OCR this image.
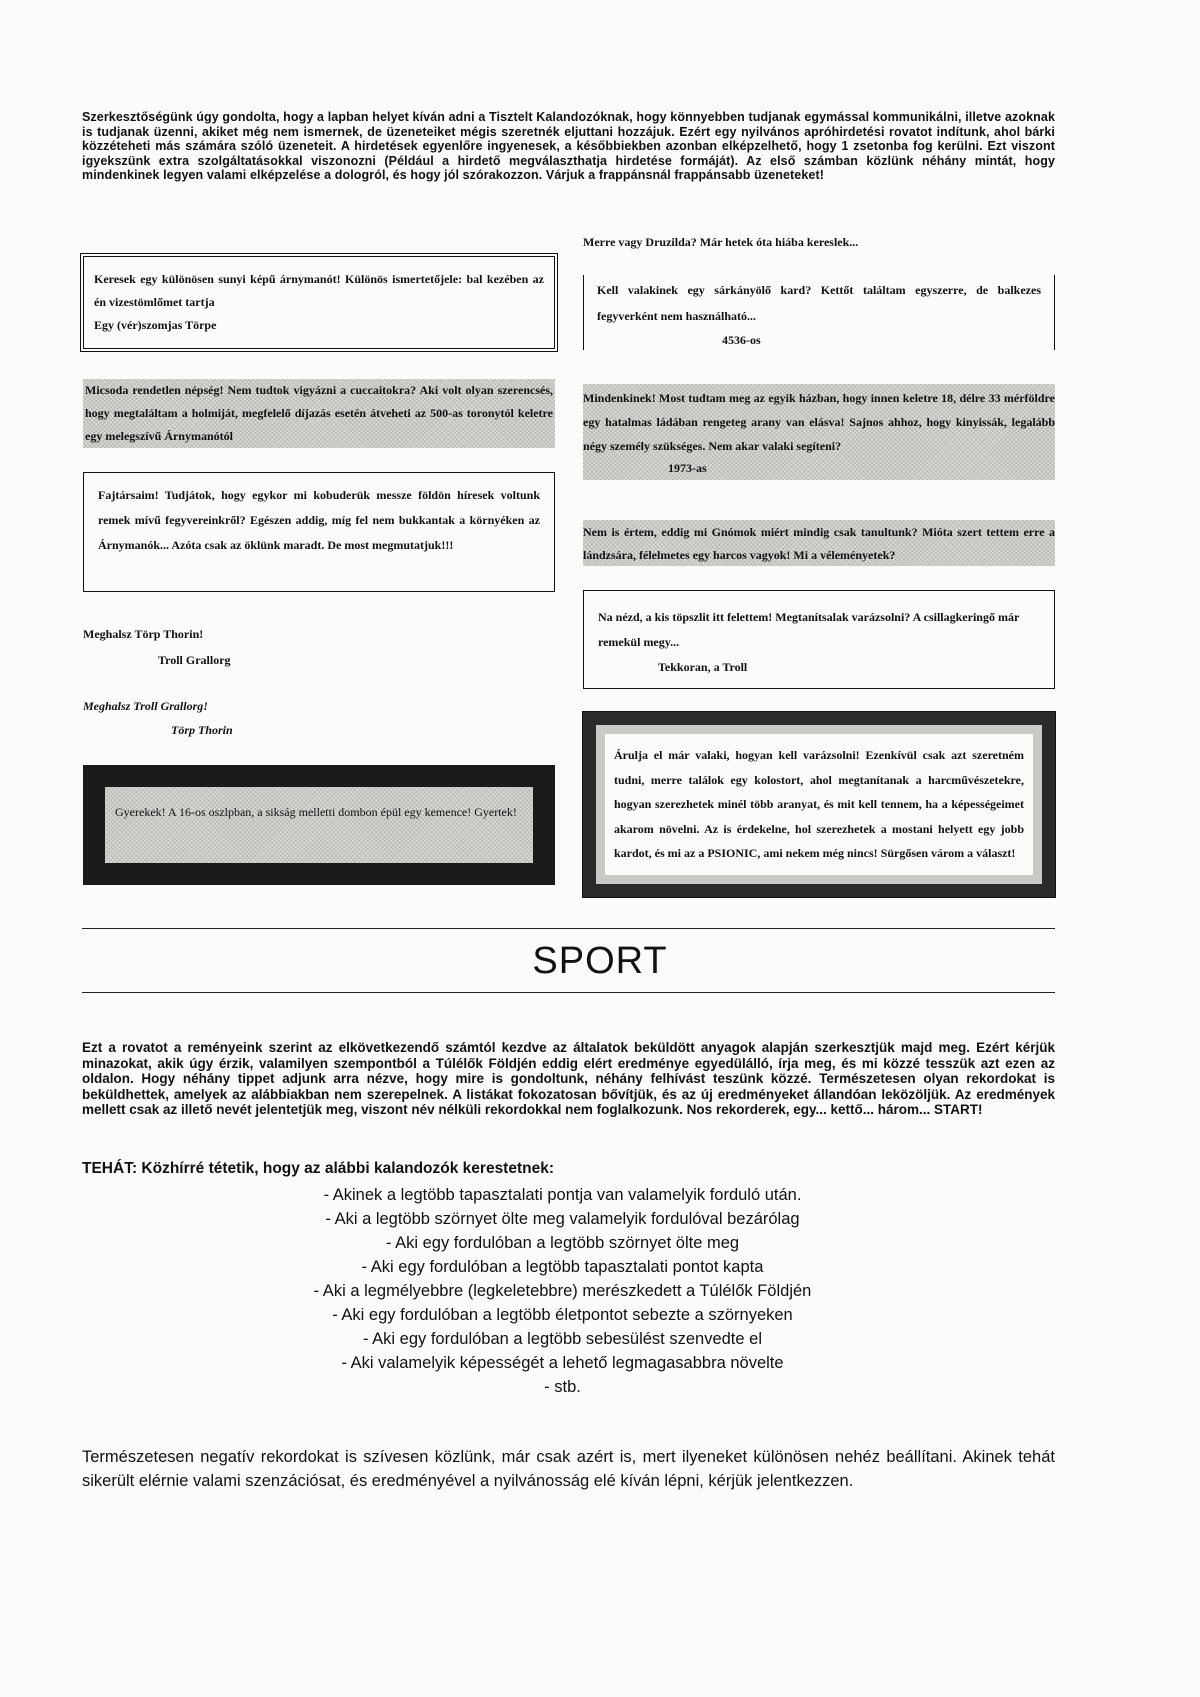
Szerkesztőségünk úgy gondolta, hogy a lapban helyet kíván adni a Tisztelt Kalandozóknak, hogy könnyebben tudjanak egymással kommunikálni, illetve azoknak is tudjanak üzenni, akiket még nem ismernek, de üzeneteiket mégis szeretnék eljuttani hozzájuk. Ezért egy nyilvános apróhirdetési rovatot indítunk, ahol bárki közzéteheti más számára szóló üzeneteit. A hirdetések egyenlőre ingyenesek, a későbbiekben azonban elképzelhető, hogy 1 zsetonba fog kerülni. Ezt viszont igyekszünk extra szolgáltatásokkal viszonozni (Például a hirdető megválaszthatja hirdetése formáját). Az első számban közlünk néhány mintát, hogy mindenkinek legyen valami elképzelése a dologról, és hogy jól szórakozzon. Várjuk a frappánsnál frappánsabb üzeneteket!

Keresek egy különösen sunyi képű árnymanót! Különös ismertetőjele: bal kezében az én vizestömlőmet tartja
Egy (vér)szomjas Törpe
Merre vagy Druzilda? Már hetek óta hiába kereslek...
Kell valakinek egy sárkányölő kard? Kettőt találtam egyszerre, de balkezes fegyverként nem használható...
4536-os
Micsoda rendetlen népség! Nem tudtok vigyázni a cuccaitokra? Aki volt olyan szerencsés, hogy megtaláltam a holmiját, megfelelő díjazás esetén átveheti az 500-as toronytól keletre egy melegszívű Árnymanótól
Mindenkinek! Most tudtam meg az egyik házban, hogy innen keletre 18, délre 33 mérföldre egy hatalmas ládában rengeteg arany van elásva! Sajnos ahhoz, hogy kinyissák, legalább négy személy szükséges. Nem akar valaki segíteni?
1973-as
Fajtársaim! Tudjátok, hogy egykor mi kobuderük messze földön híresek voltunk remek mívű fegyvereinkről? Egészen addig, míg fel nem bukkantak a környéken az Árnymanók... Azóta csak az öklünk maradt. De most megmutatjuk!!!
Nem is értem, eddig mi Gnómok miért mindig csak tanultunk? Mióta szert tettem erre a lándzsára, félelmetes egy harcos vagyok! Mi a véleményetek?
Meghalsz Törp Thorin!
Troll Grallorg
Na nézd, a kis töpszlit itt felettem! Megtanítsalak varázsolni? A csillagkeringő már remekül megy...
Tekkoran, a Troll
Meghalsz Troll Grallorg!
Törp Thorin
Árulja el már valaki, hogyan kell varázsolni! Ezenkívül csak azt szeretném tudni, merre találok egy kolostort, ahol megtanítanak a harcművészetekre, hogyan szerezhetek minél több aranyat, és mit kell tennem, ha a képességeimet akarom növelni. Az is érdekelne, hol szerezhetek a mostani helyett egy jobb kardot, és mi az a PSIONIC, ami nekem még nincs! Sürgősen várom a választ!
Gyerekek! A 16-os oszlpban, a sikság melletti dombon épül egy kemence! Gyertek!
SPORT

Ezt a rovatot a reményeink szerint az elkövetkezendő számtól kezdve az általatok beküldött anyagok alapján szerkesztjük majd meg. Ezért kérjük minazokat, akik úgy érzik, valamilyen szempontból a Túlélők Földjén eddig elért eredménye egyedülálló, írja meg, és mi közzé tesszük azt ezen az oldalon. Hogy néhány tippet adjunk arra nézve, hogy mire is gondoltunk, néhány felhívást teszünk közzé. Természetesen olyan rekordokat is beküldhettek, amelyek az alábbiakban nem szerepelnek. A listákat fokozatosan bővítjük, és az új eredményeket állandóan leközöljük. Az eredmények mellett csak az illető nevét jelentetjük meg, viszont név nélküli rekordokkal nem foglalkozunk. Nos rekorderek, egy... kettő... három... START!

TEHÁT: Közhírré tétetik, hogy az alábbi kalandozók kerestetnek:
- Akinek a legtöbb tapasztalati pontja van valamelyik forduló után.
- Aki a legtöbb szörnyet ölte meg valamelyik fordulóval bezárólag
- Aki egy fordulóban a legtöbb szörnyet ölte meg
- Aki egy fordulóban a legtöbb tapasztalati pontot kapta
- Aki a legmélyebbre (legkeletebbre) merészkedett a Túlélők Földjén
- Aki egy fordulóban a legtöbb életpontot sebezte a szörnyeken
- Aki egy fordulóban a legtöbb sebesülést szenvedte el
- Aki valamelyik képességét a lehető legmagasabbra növelte
- stb.

Természetesen negatív rekordokat is szívesen közlünk, már csak azért is, mert ilyeneket különösen nehéz beállítani. Akinek tehát sikerült elérnie valami szenzációsat, és eredményével a nyilvánosság elé kíván lépni, kérjük jelentkezzen.
